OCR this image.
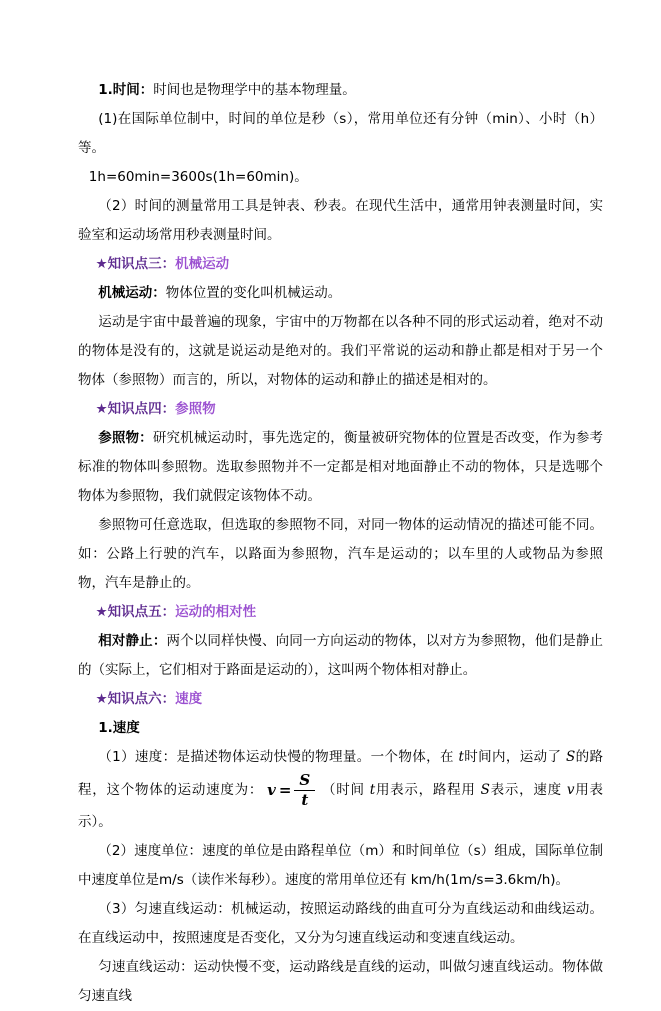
1.时间：时间也是物理学中的基本物理量。

(1)在国际单位制中，时间的单位是秒（s），常用单位还有分钟（min）、小时（h）等。

1h=60min=3600s(1h=60min)。

（2）时间的测量常用工具是钟表、秒表。在现代生活中，通常用钟表测量时间，实验室和运动场常用秒表测量时间。

★知识点三：机械运动

机械运动：物体位置的变化叫机械运动。

运动是宇宙中最普遍的现象，宇宙中的万物都在以各种不同的形式运动着，绝对不动的物体是没有的，这就是说运动是绝对的。我们平常说的运动和静止都是相对于另一个物体（参照物）而言的，所以，对物体的运动和静止的描述是相对的。

★知识点四：参照物

参照物：研究机械运动时，事先选定的，衡量被研究物体的位置是否改变，作为参考标准的物体叫参照物。选取参照物并不一定都是相对地面静止不动的物体，只是选哪个物体为参照物，我们就假定该物体不动。

参照物可任意选取，但选取的参照物不同，对同一物体的运动情况的描述可能不同。如：公路上行驶的汽车，以路面为参照物，汽车是运动的；以车里的人或物品为参照物，汽车是静止的。

★知识点五：运动的相对性

相对静止：两个以同样快慢、向同一方向运动的物体，以对方为参照物，他们是静止的（实际上，它们相对于路面是运动的），这叫两个物体相对静止。

★知识点六：速度

1.速度

（1）速度：是描述物体运动快慢的物理量。一个物体，在 t时间内，运动了 S的路程，这个物体的运动速度为： $v = \frac{S}{t}$ （时间 t用表示，路程用 S表示，速度 v用表示）。

（2）速度单位：速度的单位是由路程单位（m）和时间单位（s）组成，国际单位制中速度单位是m/s（读作米每秒）。速度的常用单位还有 km/h(1m/s=3.6km/h)。

（3）匀速直线运动：机械运动，按照运动路线的曲直可分为直线运动和曲线运动。在直线运动中，按照速度是否变化，又分为匀速直线运动和变速直线运动。

匀速直线运动：运动快慢不变，运动路线是直线的运动，叫做匀速直线运动。物体做匀速直线
